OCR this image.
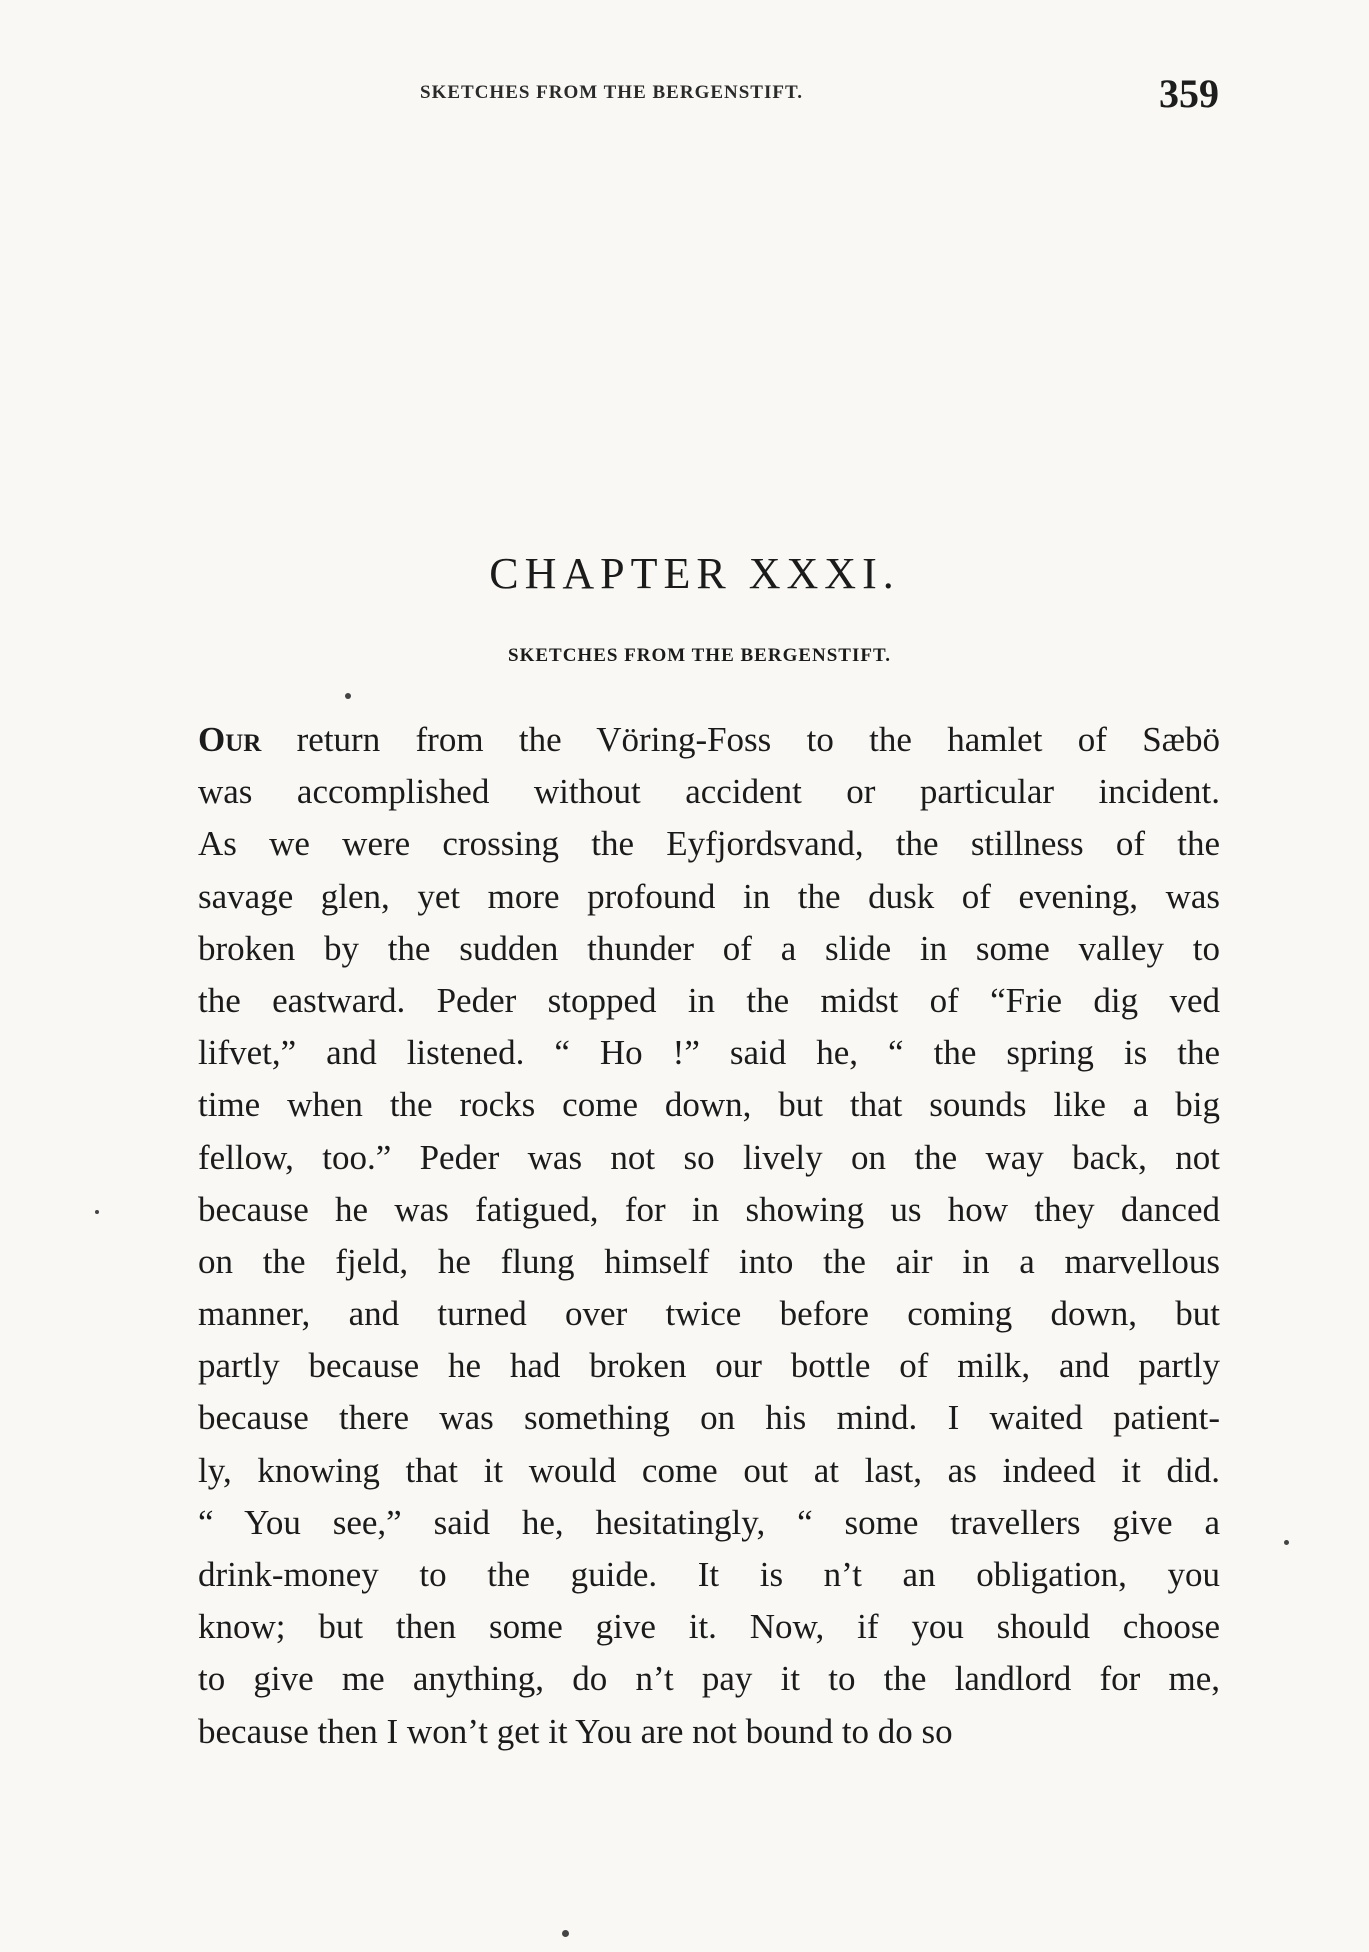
SKETCHES FROM THE BERGENSTIFT.	359
CHAPTER XXXI.
SKETCHES FROM THE BERGENSTIFT.
Our return from the Vöring-Foss to the hamlet of Sæbö
was accomplished without accident or particular incident.
As we were crossing the Eyfjordsvand, the stillness of the
savage glen, yet more profound in the dusk of evening, was
broken by the sudden thunder of a slide in some valley to
the eastward. Peder stopped in the midst of “Frie dig ved
lifvet,” and listened. “ Ho !” said he, “ the spring is the
time when the rocks come down, but that sounds like a big
fellow, too.” Peder was not so lively on the way back, not
because he was fatigued, for in showing us how they danced
on the fjeld, he flung himself into the air in a marvellous
manner, and turned over twice before coming down, but
partly because he had broken our bottle of milk, and partly
because there was something on his mind. I waited patient-
ly, knowing that it would come out at last, as indeed it did.
“ You see,” said he, hesitatingly, “ some travellers give a
drink-money to the guide. It is n’t an obligation, you
know; but then some give it. Now, if you should choose
to give me anything, do n’t pay it to the landlord for me,
because then I won’t get it You are not bound to do so
